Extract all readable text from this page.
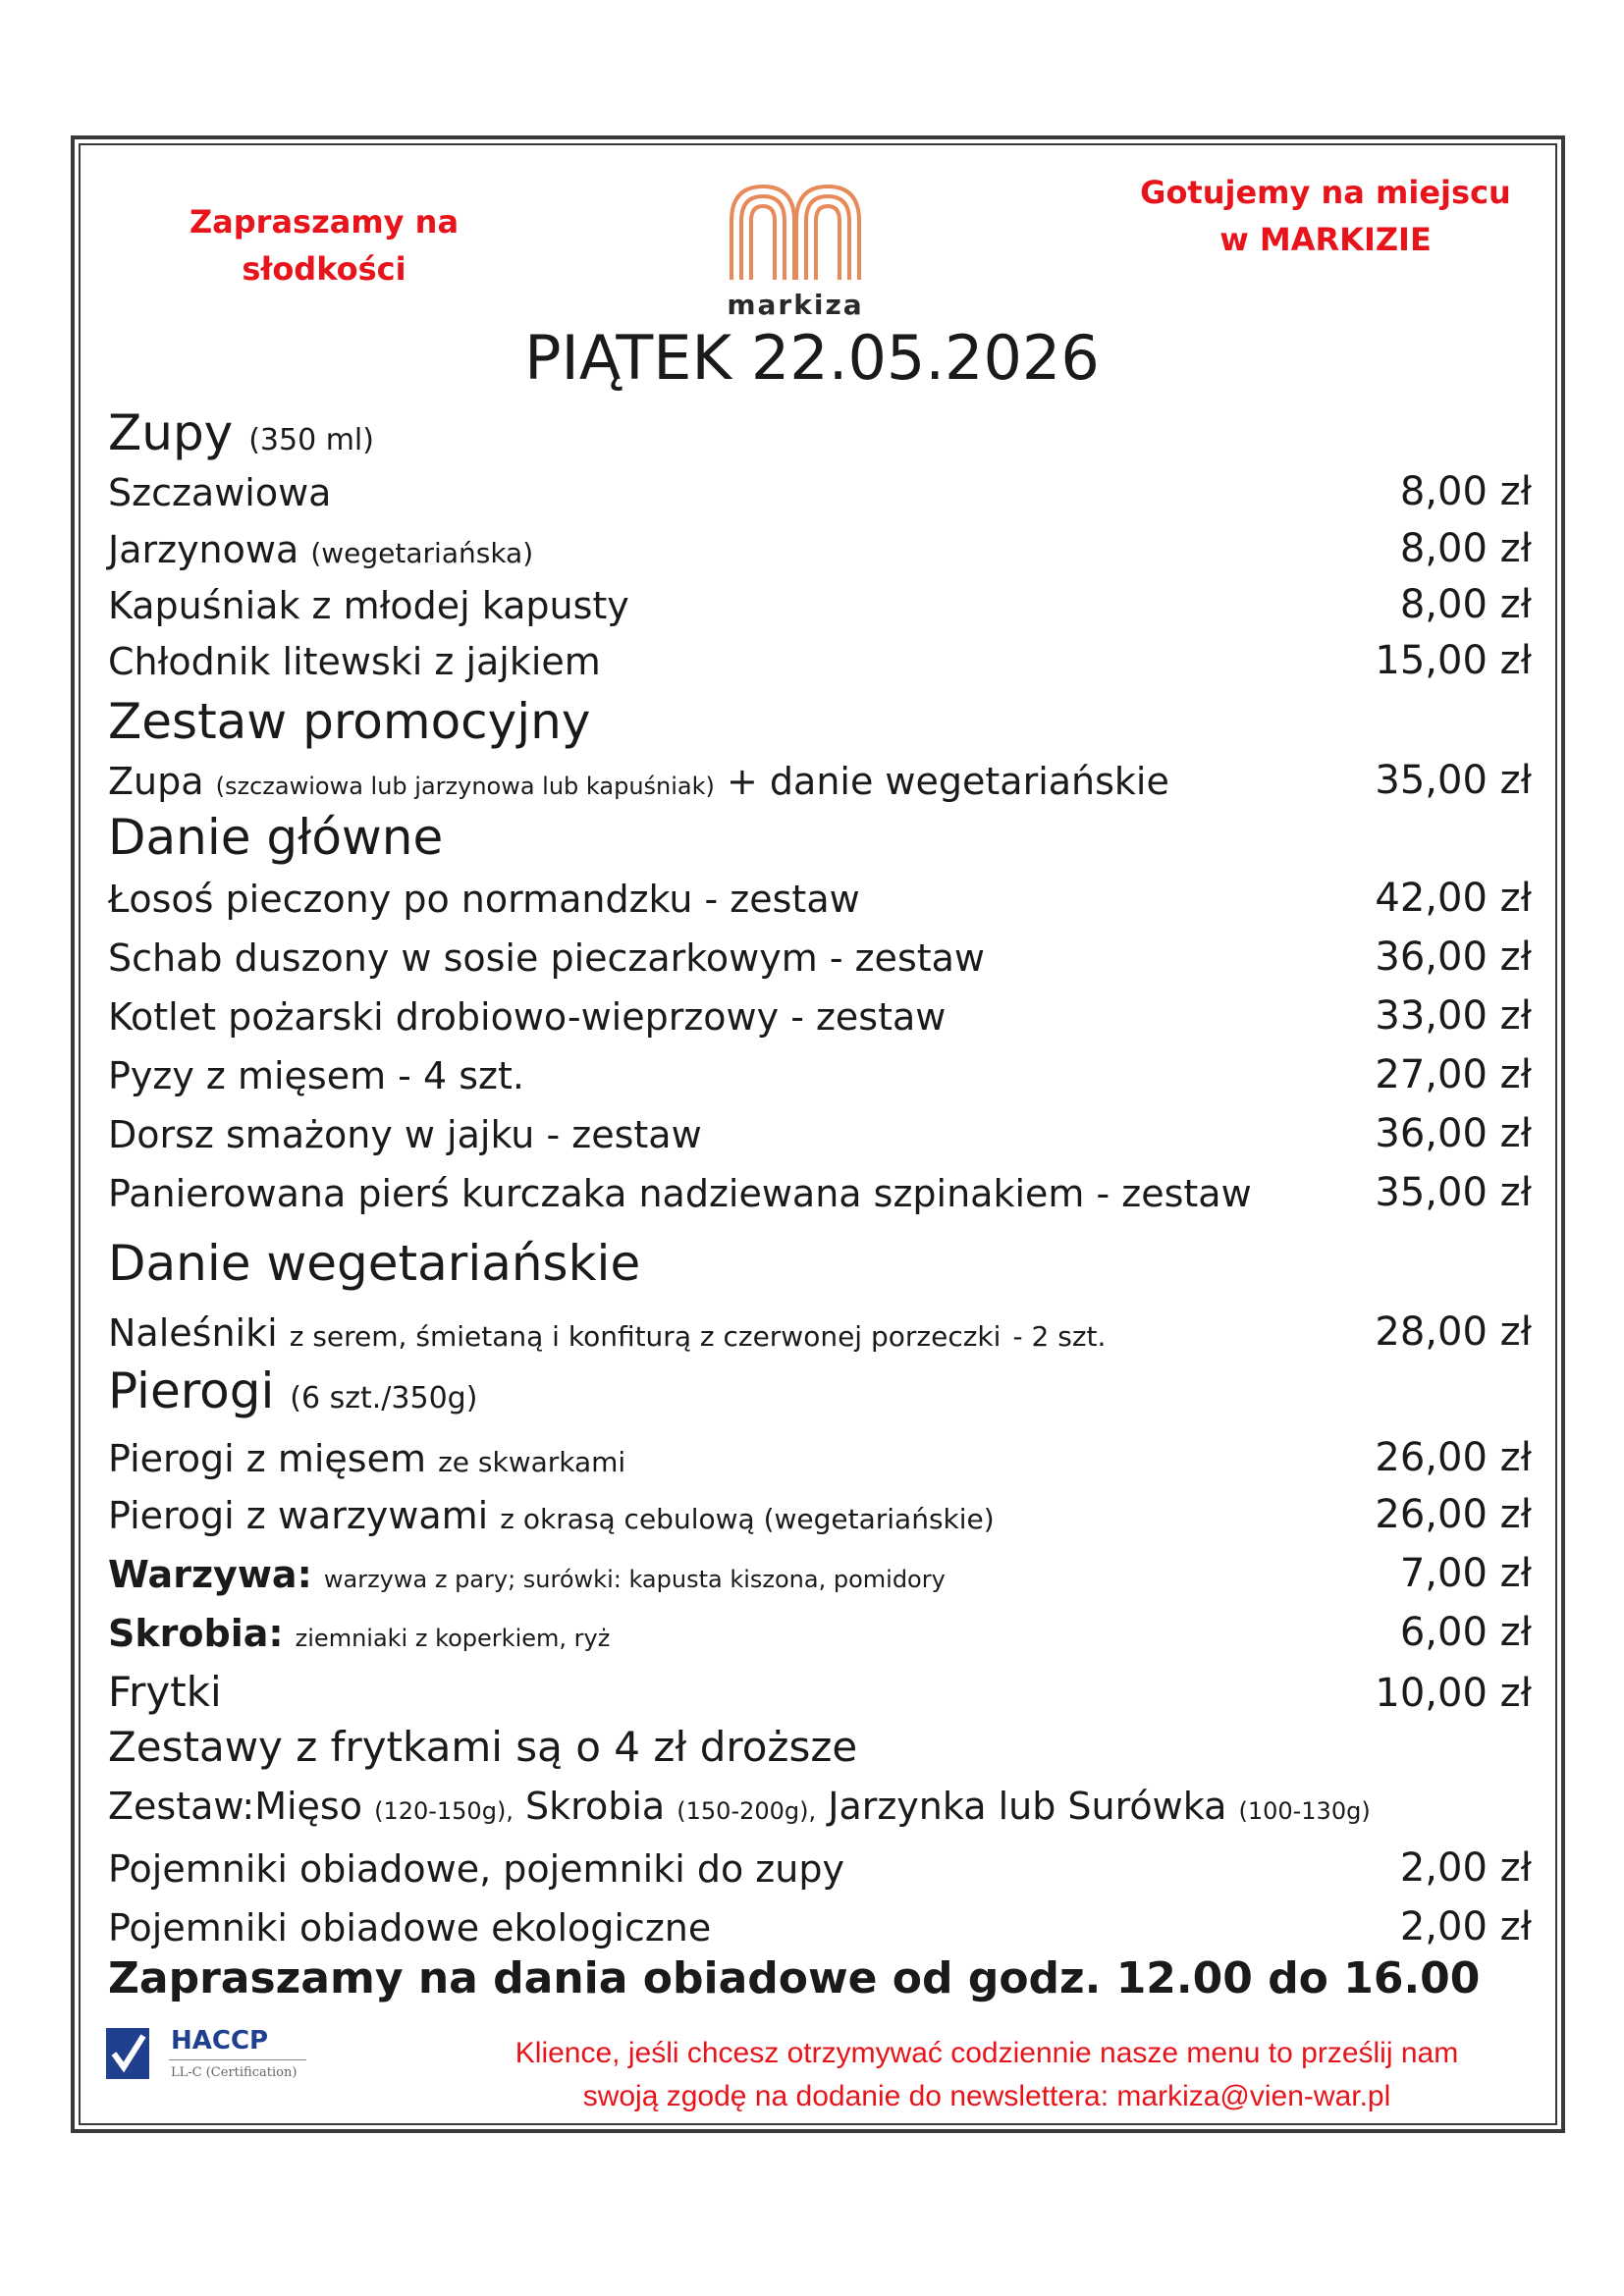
Zapraszamy na
słodkości
markiza
Gotujemy na miejscu
w MARKIZIE
PIĄTEK 22.05.2026
Zupy (350 ml)
Szczawiowa	8,00 zł
Jarzynowa (wegetariańska)	8,00 zł
Kapuśniak z młodej kapusty	8,00 zł
Chłodnik litewski z jajkiem	15,00 zł
Zestaw promocyjny
Zupa (szczawiowa lub jarzynowa lub kapuśniak) + danie wegetariańskie	35,00 zł
Danie główne
Łosoś pieczony po normandzku - zestaw	42,00 zł
Schab duszony w sosie pieczarkowym - zestaw	36,00 zł
Kotlet pożarski drobiowo-wieprzowy - zestaw	33,00 zł
Pyzy z mięsem - 4 szt.	27,00 zł
Dorsz smażony w jajku - zestaw	36,00 zł
Panierowana pierś kurczaka nadziewana szpinakiem - zestaw	35,00 zł
Danie wegetariańskie
Naleśniki z serem, śmietaną i konfiturą z czerwonej porzeczki - 2 szt.	28,00 zł
Pierogi (6 szt./350g)
Pierogi z mięsem ze skwarkami	26,00 zł
Pierogi z warzywami z okrasą cebulową (wegetariańskie)	26,00 zł
Warzywa: warzywa z pary; surówki: kapusta kiszona, pomidory	7,00 zł
Skrobia: ziemniaki z koperkiem, ryż	6,00 zł
Frytki	10,00 zł
Zestawy z frytkami są o 4 zł droższe
Zestaw:Mięso (120-150g), Skrobia (150-200g), Jarzynka lub Surówka (100-130g)
Pojemniki obiadowe, pojemniki do zupy	2,00 zł
Pojemniki obiadowe ekologiczne	2,00 zł
Zapraszamy na dania obiadowe od godz. 12.00 do 16.00
HACCP
LL-C (Certification)
Klience, jeśli chcesz otrzymywać codziennie nasze menu to prześlij nam
swoją zgodę na dodanie do newslettera: markiza@vien-war.pl
